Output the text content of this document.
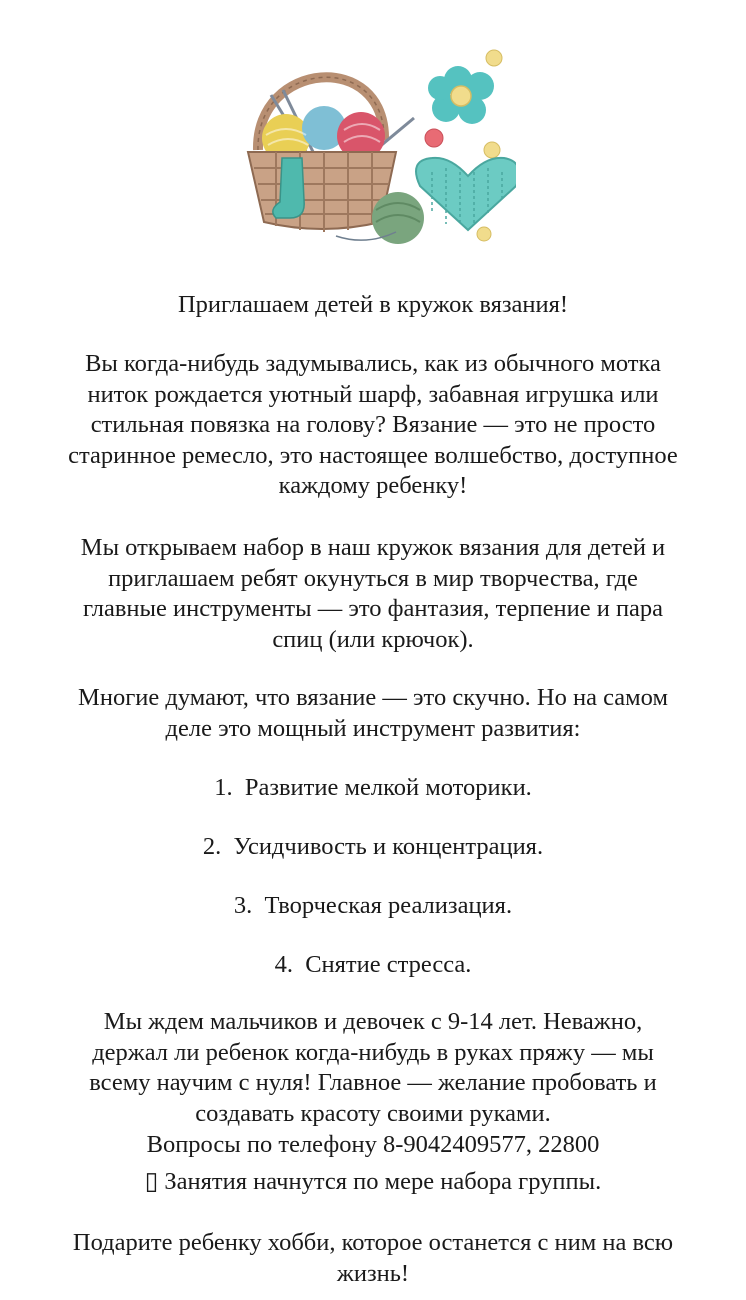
Приглашаем детей в кружок вязания!

Вы когда-нибудь задумывались, как из обычного мотка
ниток рождается уютный шарф, забавная игрушка или
стильная повязка на голову? Вязание — это не просто
старинное ремесло, это настоящее волшебство, доступное
каждому ребенку!
Мы открываем набор в наш кружок вязания для детей и
приглашаем ребят окунуться в мир творчества, где
главные инструменты — это фантазия, терпение и пара
спиц (или крючок).
Многие думают, что вязание — это скучно. Но на самом
деле это мощный инструмент развития:
1. Развитие мелкой моторики.
2. Усидчивость и концентрация.
3. Творческая реализация.
4. Снятие стресса.
Мы ждем мальчиков и девочек с 9-14 лет. Неважно,
держал ли ребенок когда-нибудь в руках пряжу — мы
всему научим с нуля! Главное — желание пробовать и
создавать красоту своими руками.

Вопросы по телефону 8-9042409577, 22800

▯ Занятия начнутся по мере набора группы.

Подарите ребенку хобби, которое останется с ним на всю
жизнь!
